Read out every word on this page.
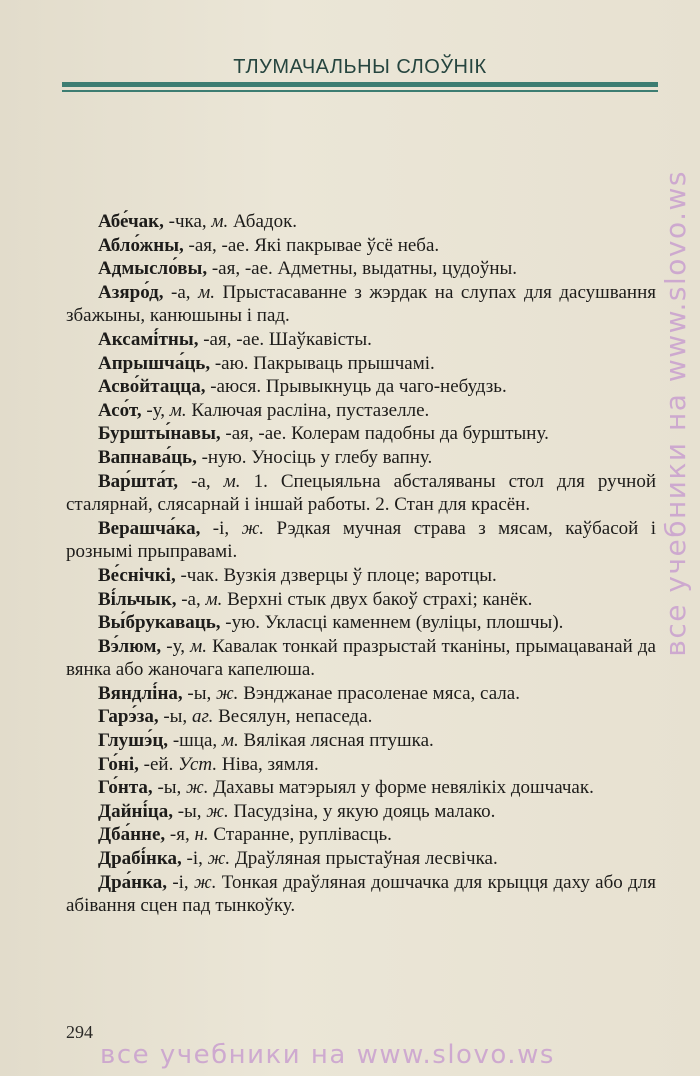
ТЛУМАЧАЛЬНЫ СЛОЎНІК

Абе́чак, -чка, м. Абадок.

Абло́жны, -ая, -ае. Які пакрывае ўсё неба.

Адмысло́вы, -ая, -ае. Адметны, выдатны, цудоўны.

Азяро́д, -а, м. Прыстасаванне з жэрдак на слупах для дасушвання збажыны, канюшыны і пад.

Аксамі́тны, -ая, -ае. Шаўкавісты.

Апрышча́ць, -аю. Пакрываць прышчамі.

Асво́йтацца, -аюся. Прывыкнуць да чаго-небудзь.

Асо́т, -у, м. Калючая расліна, пустазелле.

Буршты́навы, -ая, -ае. Колерам падобны да бурштыну.

Вапнава́ць, -ную. Уносіць у глебу вапну.

Вар́шта́т, -а, м. 1. Спецыяльна абсталяваны стол для ручной сталярнай, слясарнай і іншай работы. 2. Стан для красён.

Верашча́ка, -і, ж. Рэдкая мучная страва з мясам, каўбасой і рознымі прыправамі.

Ве́снічкі, -чак. Вузкія дзверцы ў плоце; варотцы.

Ві́льчык, -а, м. Верхні стык двух бакоў страхі; канёк.

Вы́брукаваць, -ую. Укласці каменнем (вуліцы, плошчы).

Вэ́люм, -у, м. Кавалак тонкай празрыстай тканіны, прымацаванай да вянка або жаночага капелюша.

Вяндлі́на, -ы, ж. Вэнджанае прасоленае мяса, сала.

Гарэ́за, -ы, аг. Весялун, непаседа.

Глушэ́ц, -шца, м. Вялікая лясная птушка.

Го́ні, -ей. Уст. Ніва, зямля.

Го́нта, -ы, ж. Дахавы матэрыял у форме невялікіх дошчачак.

Дайні́ца, -ы, ж. Пасудзіна, у якую дояць малако.

Дба́нне, -я, н. Старанне, руплівасць.

Драбі́нка, -і, ж. Драўляная прыстаўная лесвічка.

Дра́нка, -і, ж. Тонкая драўляная дошчачка для крыцця даху або для абівання сцен пад тынкоўку.

294
все учебники на www.slovo.ws
все учебники на www.slovo.ws
